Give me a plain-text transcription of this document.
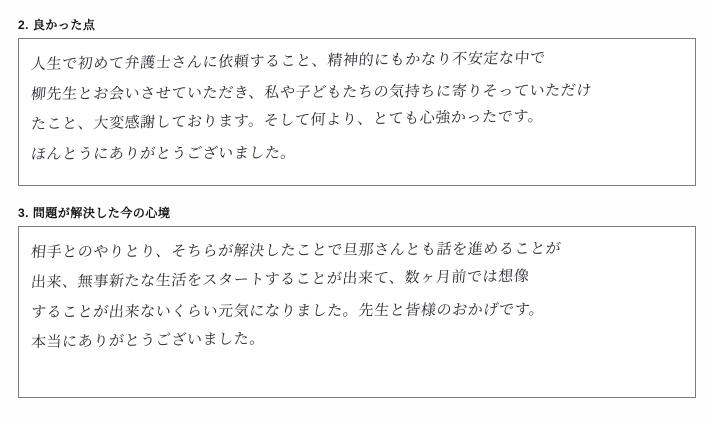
2. 良かった点
人生で初めて弁護士さんに依頼すること、精神的にもかなり不安定な中で
柳先生とお会いさせていただき、私や子どもたちの気持ちに寄りそっていただけ
たこと、大変感謝しております。そして何より、とても心強かったです。
ほんとうにありがとうございました。
3. 問題が解決した今の心境
相手とのやりとり、そちらが解決したことで旦那さんとも話を進めることが
出来、無事新たな生活をスタートすることが出来て、数ヶ月前では想像
することが出来ないくらい元気になりました。先生と皆様のおかげです。
本当にありがとうございました。
